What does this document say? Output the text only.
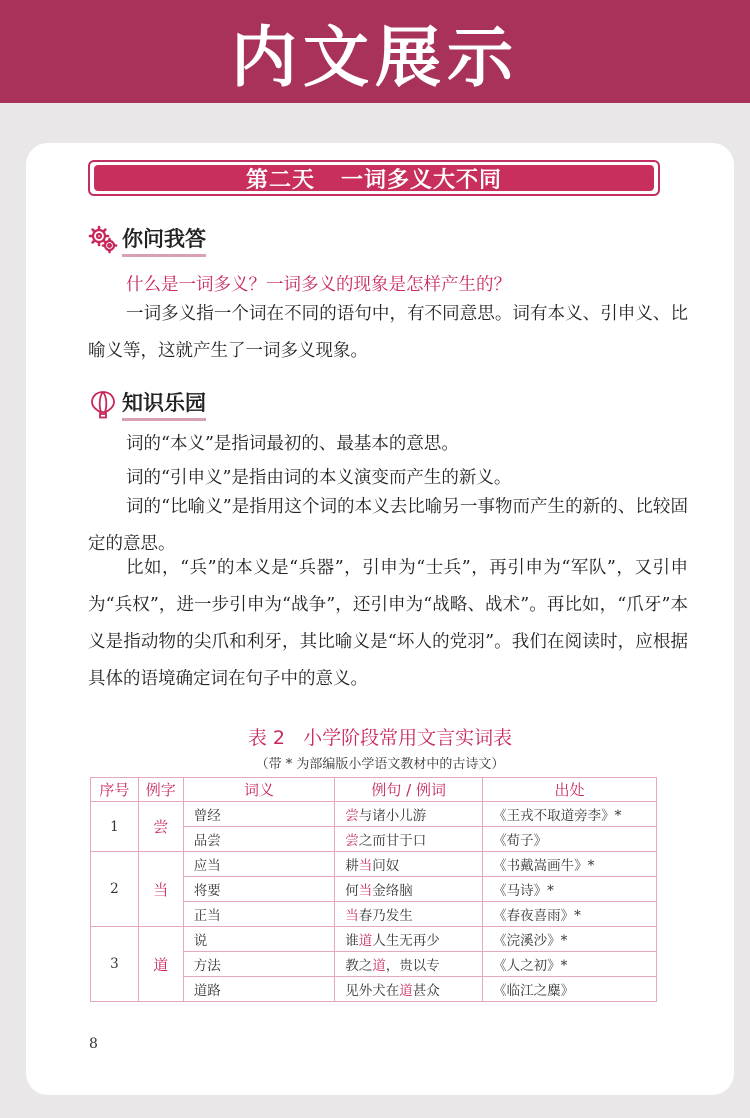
内文展示
第二天   一词多义大不同
你问我答
什么是一词多义？一词多义的现象是怎样产生的？

一词多义指一个词在不同的语句中，有不同意思。词有本义、引申义、比喻义等，这就产生了一词多义现象。

知识乐园

词的“本义”是指词最初的、最基本的意思。

词的“引申义”是指由词的本义演变而产生的新义。

词的“比喻义”是指用这个词的本义去比喻另一事物而产生的新的、比较固定的意思。

比如，“兵”的本义是“兵器”，引申为“士兵”，再引申为“军队”，又引申为“兵权”，进一步引申为“战争”，还引申为“战略、战术”。再比如，“爪牙”本义是指动物的尖爪和利牙，其比喻义是“坏人的党羽”。我们在阅读时，应根据具体的语境确定词在句子中的意义。

表 2   小学阶段常用文言实词表
（带 * 为部编版小学语文教材中的古诗文）
序号	例字	词义	例句 / 例词	出处
1	尝	曾经	尝与诸小儿游	《王戎不取道旁李》*
		品尝	尝之而甘于口	《荀子》
2	当	应当	耕当问奴	《书戴嵩画牛》*
		将要	何当金络脑	《马诗》*
		正当	当春乃发生	《春夜喜雨》*
3	道	说	谁道人生无再少	《浣溪沙》*
		方法	教之道，贵以专	《人之初》*
		道路	见外犬在道甚众	《临江之麋》
8
